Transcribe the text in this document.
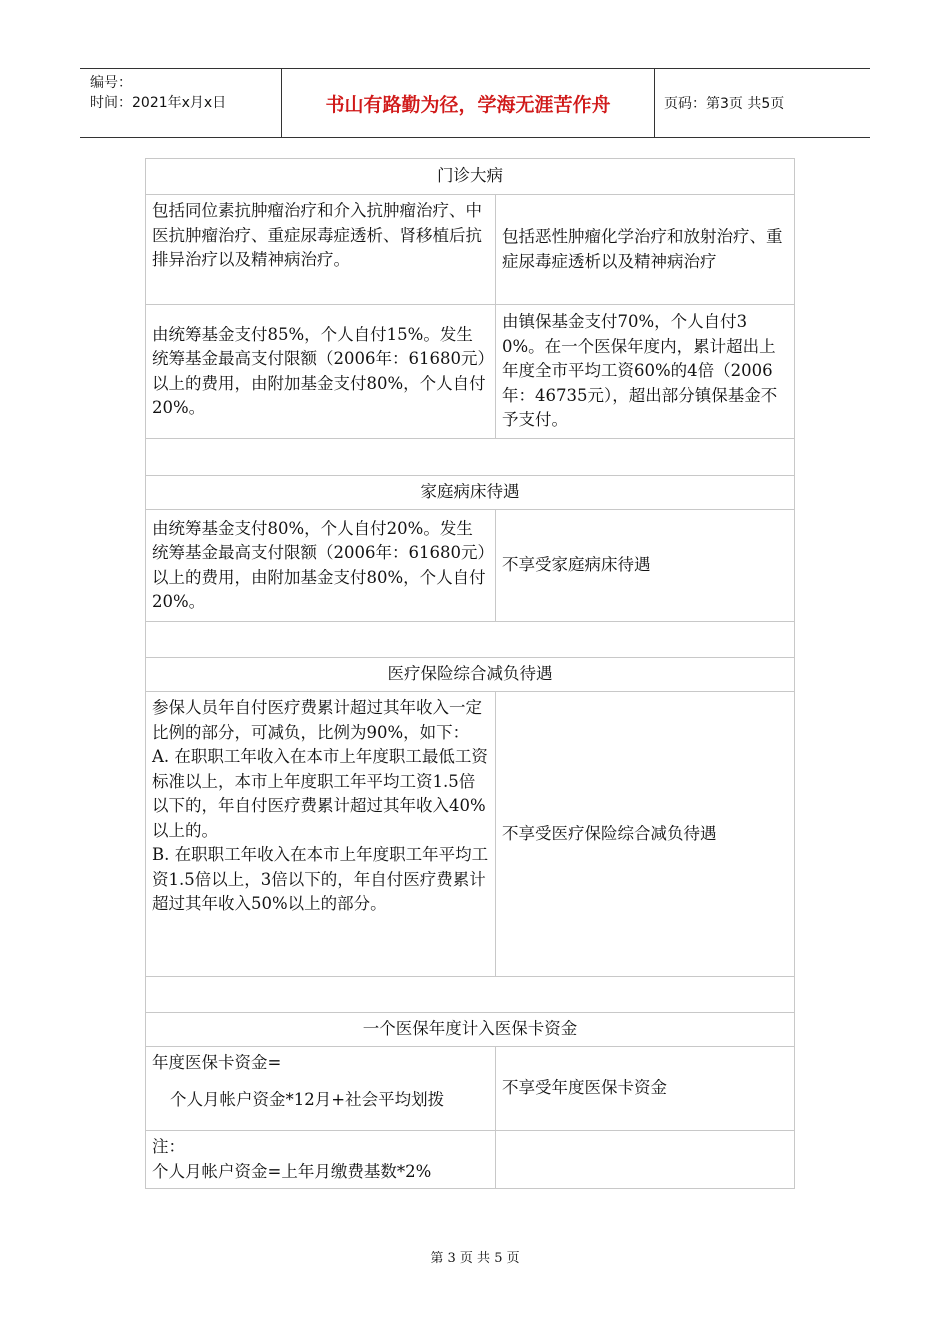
编号：
时间：2021年x月x日	书山有路勤为径，学海无涯苦作舟	页码：第3页 共5页
门诊大病	
包括同位素抗肿瘤治疗和介入抗肿瘤治疗、中医抗肿瘤治疗、重症尿毒症透析、肾移植后抗排异治疗以及精神病治疗。	包括恶性肿瘤化学治疗和放射治疗、重症尿毒症透析以及精神病治疗
由统筹基金支付85%，个人自付15%。发生统筹基金最高支付限额（2006年：61680元）以上的费用，由附加基金支付80%，个人自付20%。	由镇保基金支付70%，个人自付30%。在一个医保年度内，累计超出上年度全市平均工资60%的4倍（2006年：46735元），超出部分镇保基金不予支付。

家庭病床待遇	
由统筹基金支付80%，个人自付20%。发生统筹基金最高支付限额（2006年：61680元）以上的费用，由附加基金支付80%，个人自付20%。	不享受家庭病床待遇

医疗保险综合减负待遇	
参保人员年自付医疗费累计超过其年收入一定比例的部分，可减负，比例为90%，如下：
A. 在职职工年收入在本市上年度职工最低工资标准以上，本市上年度职工年平均工资1.5倍以下的，年自付医疗费累计超过其年收入40%以上的。
B. 在职职工年收入在本市上年度职工年平均工资1.5倍以上，3倍以下的，年自付医疗费累计超过其年收入50%以上的部分。	不享受医疗保险综合减负待遇

一个医保年度计入医保卡资金	
年度医保卡资金=

个人月帐户资金*12月+社会平均划拨	不享受年度医保卡资金
注：
个人月帐户资金=上年月缴费基数*2%	
第 3 页 共 5 页
